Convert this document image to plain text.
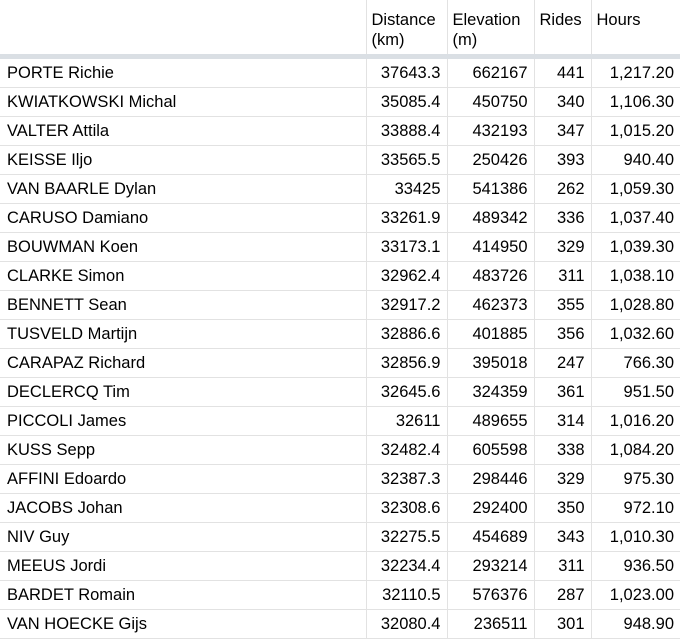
	Distance (km)	Elevation (m)	Rides	Hours
PORTE Richie	37643.3	662167	441	1,217.20
KWIATKOWSKI Michal	35085.4	450750	340	1,106.30
VALTER Attila	33888.4	432193	347	1,015.20
KEISSE Iljo	33565.5	250426	393	940.40
VAN BAARLE Dylan	33425	541386	262	1,059.30
CARUSO Damiano	33261.9	489342	336	1,037.40
BOUWMAN Koen	33173.1	414950	329	1,039.30
CLARKE Simon	32962.4	483726	311	1,038.10
BENNETT Sean	32917.2	462373	355	1,028.80
TUSVELD Martijn	32886.6	401885	356	1,032.60
CARAPAZ Richard	32856.9	395018	247	766.30
DECLERCQ Tim	32645.6	324359	361	951.50
PICCOLI James	32611	489655	314	1,016.20
KUSS Sepp	32482.4	605598	338	1,084.20
AFFINI Edoardo	32387.3	298446	329	975.30
JACOBS Johan	32308.6	292400	350	972.10
NIV Guy	32275.5	454689	343	1,010.30
MEEUS Jordi	32234.4	293214	311	936.50
BARDET Romain	32110.5	576376	287	1,023.00
VAN HOECKE Gijs	32080.4	236511	301	948.90
